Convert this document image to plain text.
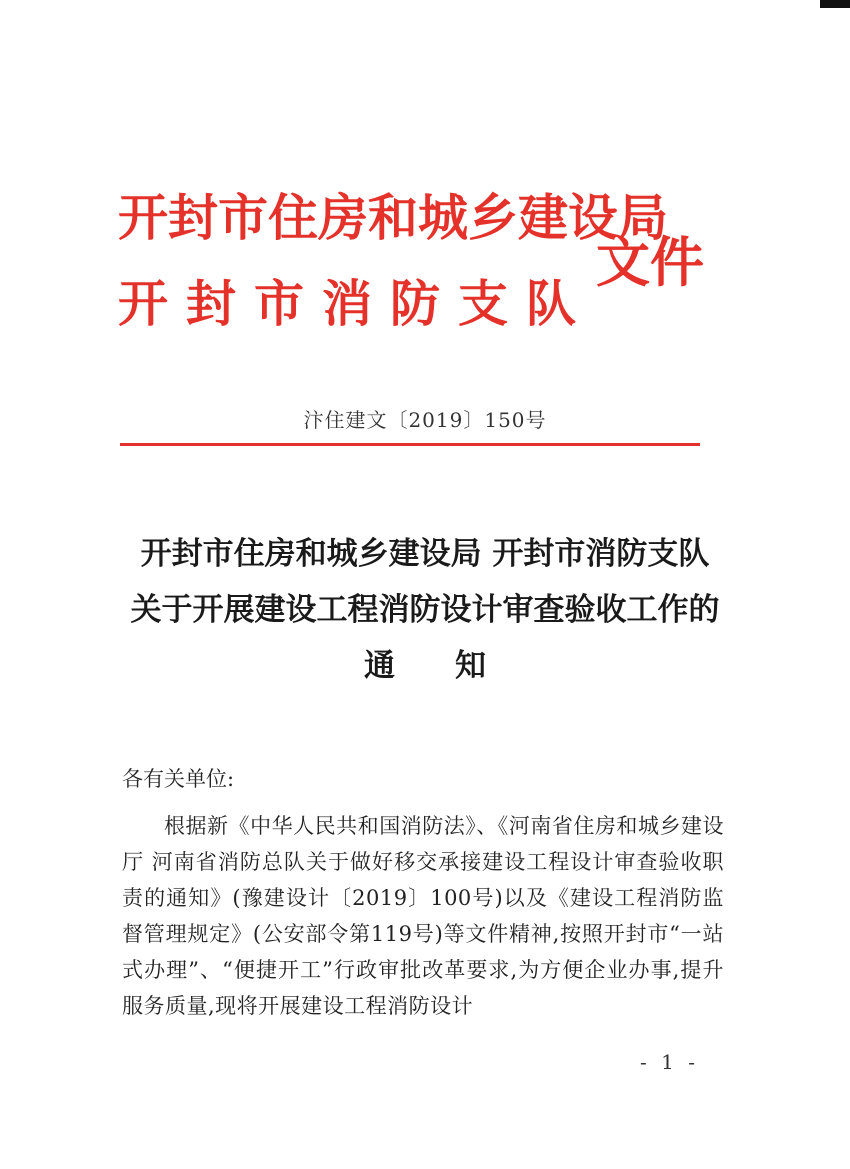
开封市住房和城乡建设局
开封市消防支队
文件
汴住建文〔2019〕150号
开封市住房和城乡建设局 开封市消防支队
关于开展建设工程消防设计审查验收工作的
通知
各有关单位:
根据新《中华人民共和国消防法》、《河南省住房和城乡建设厅 河南省消防总队关于做好移交承接建设工程设计审查验收职责的通知》(豫建设计〔2019〕100号)以及《建设工程消防监督管理规定》(公安部令第119号)等文件精神,按照开封市“一站式办理”、“便捷开工”行政审批改革要求,为方便企业办事,提升服务质量,现将开展建设工程消防设计
- 1 -
